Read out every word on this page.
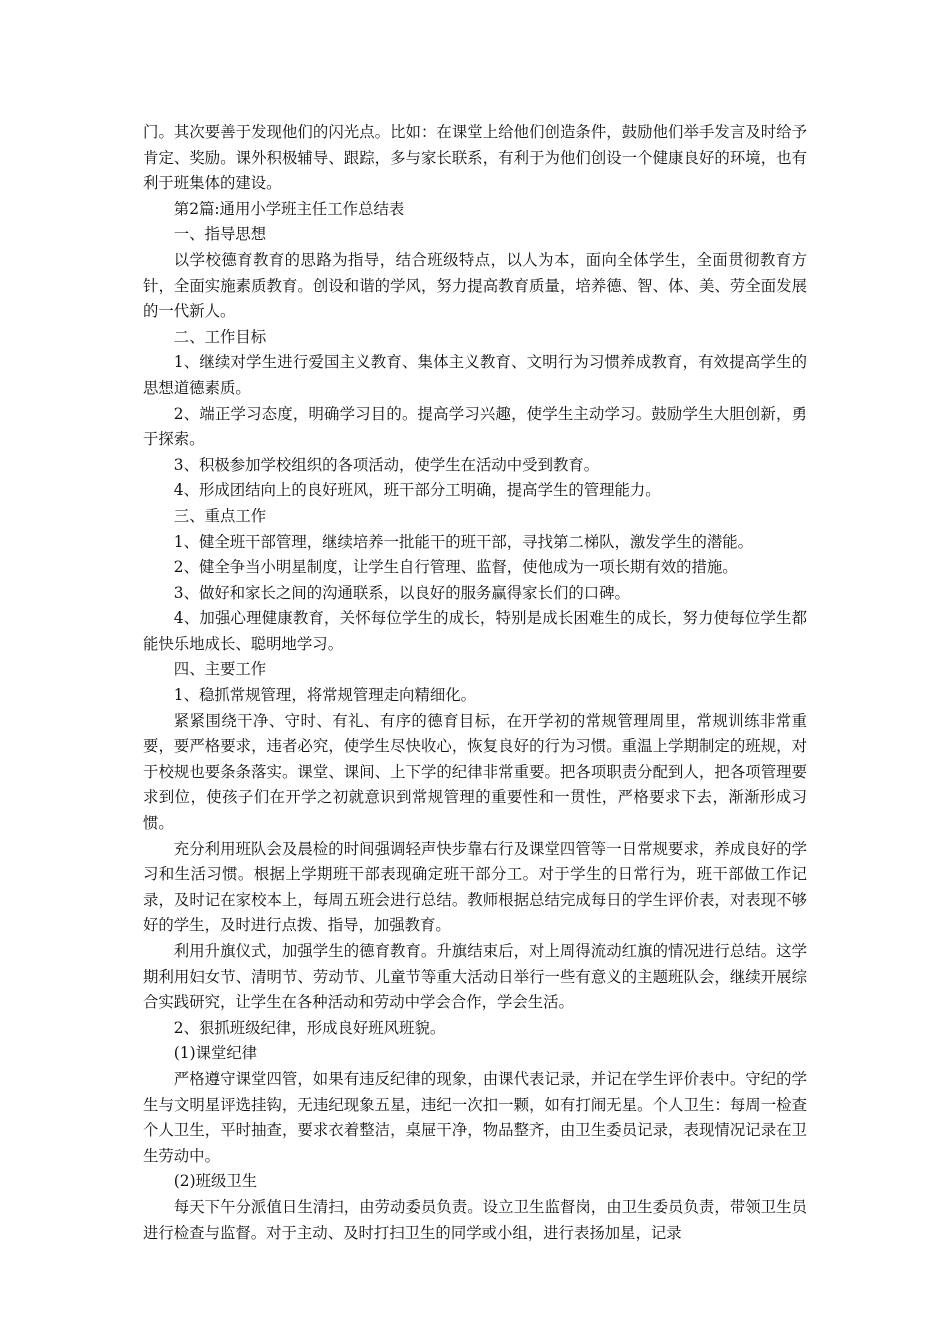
门。其次要善于发现他们的闪光点。比如：在课堂上给他们创造条件，鼓励他们举手发言及时给予肯定、奖励。课外积极辅导、跟踪，多与家长联系，有利于为他们创设一个健康良好的环境，也有利于班集体的建设。

第2篇:通用小学班主任工作总结表

一、指导思想

以学校德育教育的思路为指导，结合班级特点，以人为本，面向全体学生，全面贯彻教育方针，全面实施素质教育。创设和谐的学风，努力提高教育质量，培养德、智、体、美、劳全面发展的一代新人。

二、工作目标

1、继续对学生进行爱国主义教育、集体主义教育、文明行为习惯养成教育，有效提高学生的思想道德素质。

2、端正学习态度，明确学习目的。提高学习兴趣，使学生主动学习。鼓励学生大胆创新，勇于探索。

3、积极参加学校组织的各项活动，使学生在活动中受到教育。

4、形成团结向上的良好班风，班干部分工明确，提高学生的管理能力。

三、重点工作

1、健全班干部管理，继续培养一批能干的班干部，寻找第二梯队，激发学生的潜能。

2、健全争当小明星制度，让学生自行管理、监督，使他成为一项长期有效的措施。

3、做好和家长之间的沟通联系，以良好的服务赢得家长们的口碑。

4、加强心理健康教育，关怀每位学生的成长，特别是成长困难生的成长，努力使每位学生都能快乐地成长、聪明地学习。

四、主要工作

1、稳抓常规管理，将常规管理走向精细化。

紧紧围绕干净、守时、有礼、有序的德育目标，在开学初的常规管理周里，常规训练非常重要，要严格要求，违者必究，使学生尽快收心，恢复良好的行为习惯。重温上学期制定的班规，对于校规也要条条落实。课堂、课间、上下学的纪律非常重要。把各项职责分配到人，把各项管理要求到位，使孩子们在开学之初就意识到常规管理的重要性和一贯性，严格要求下去，渐渐形成习惯。

充分利用班队会及晨检的时间强调轻声快步靠右行及课堂四管等一日常规要求，养成良好的学习和生活习惯。根据上学期班干部表现确定班干部分工。对于学生的日常行为，班干部做工作记录，及时记在家校本上，每周五班会进行总结。教师根据总结完成每日的学生评价表，对表现不够好的学生，及时进行点拨、指导，加强教育。

利用升旗仪式，加强学生的德育教育。升旗结束后，对上周得流动红旗的情况进行总结。这学期利用妇女节、清明节、劳动节、儿童节等重大活动日举行一些有意义的主题班队会，继续开展综合实践研究，让学生在各种活动和劳动中学会合作，学会生活。

2、狠抓班级纪律，形成良好班风班貌。

(1)课堂纪律

严格遵守课堂四管，如果有违反纪律的现象，由课代表记录，并记在学生评价表中。守纪的学生与文明星评选挂钩，无违纪现象五星，违纪一次扣一颗，如有打闹无星。个人卫生：每周一检查个人卫生，平时抽查，要求衣着整洁，桌屉干净，物品整齐，由卫生委员记录，表现情况记录在卫生劳动中。

(2)班级卫生

每天下午分派值日生清扫，由劳动委员负责。设立卫生监督岗，由卫生委员负责，带领卫生员进行检查与监督。对于主动、及时打扫卫生的同学或小组，进行表扬加星，记录
